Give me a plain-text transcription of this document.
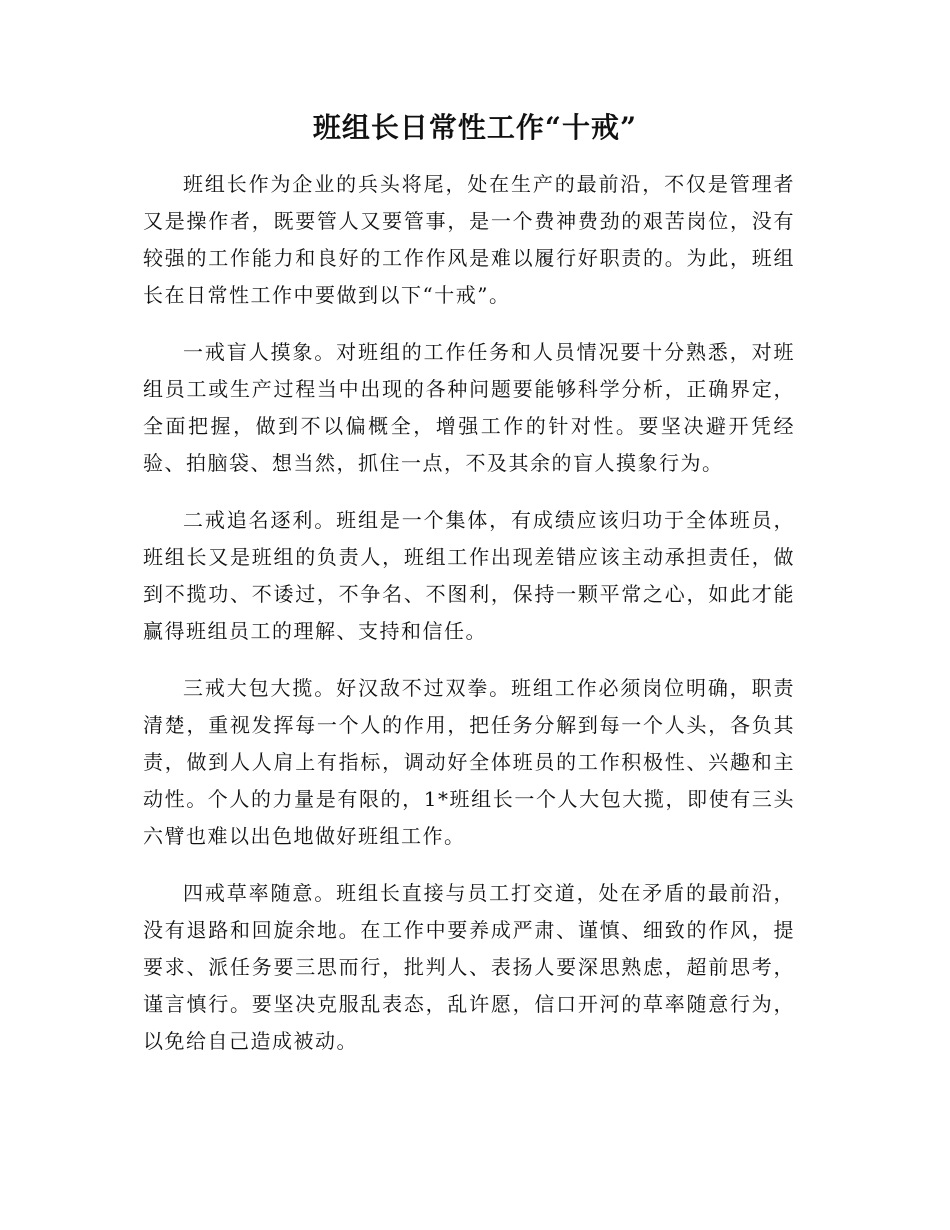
班组长日常性工作“十戒”

班组长作为企业的兵头将尾，处在生产的最前沿，不仅是管理者又是操作者，既要管人又要管事，是一个费神费劲的艰苦岗位，没有较强的工作能力和良好的工作作风是难以履行好职责的。为此，班组长在日常性工作中要做到以下“十戒”。

一戒盲人摸象。对班组的工作任务和人员情况要十分熟悉，对班组员工或生产过程当中出现的各种问题要能够科学分析，正确界定，全面把握，做到不以偏概全，增强工作的针对性。要坚决避开凭经验、拍脑袋、想当然，抓住一点，不及其余的盲人摸象行为。

二戒追名逐利。班组是一个集体，有成绩应该归功于全体班员，班组长又是班组的负责人，班组工作出现差错应该主动承担责任，做到不揽功、不诿过，不争名、不图利，保持一颗平常之心，如此才能赢得班组员工的理解、支持和信任。

三戒大包大揽。好汉敌不过双拳。班组工作必须岗位明确，职责清楚，重视发挥每一个人的作用，把任务分解到每一个人头，各负其责，做到人人肩上有指标，调动好全体班员的工作积极性、兴趣和主动性。个人的力量是有限的，1*班组长一个人大包大揽，即使有三头六臂也难以出色地做好班组工作。

四戒草率随意。班组长直接与员工打交道，处在矛盾的最前沿，没有退路和回旋余地。在工作中要养成严肃、谨慎、细致的作风，提要求、派任务要三思而行，批判人、表扬人要深思熟虑，超前思考，谨言慎行。要坚决克服乱表态，乱许愿，信口开河的草率随意行为，以免给自己造成被动。
